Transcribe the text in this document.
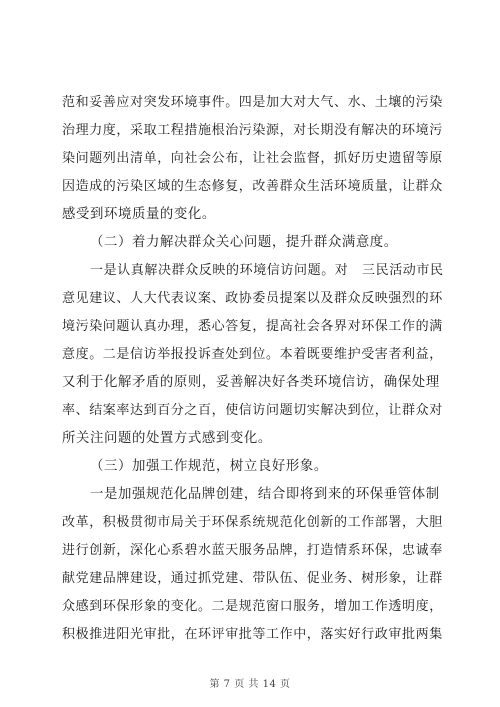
范和妥善应对突发环境事件。四是加大对大气、水、土壤的污染
治理力度，采取工程措施根治污染源，对长期没有解决的环境污
染问题列出清单，向社会公布，让社会监督，抓好历史遗留等原
因造成的污染区域的生态修复，改善群众生活环境质量，让群众
感受到环境质量的变化。
（二）着力解决群众关心问题，提升群众满意度。
一是认真解决群众反映的环境信访问题。对　三民活动市民
意见建议、人大代表议案、政协委员提案以及群众反映强烈的环
境污染问题认真办理，悉心答复，提高社会各界对环保工作的满
意度。二是信访举报投诉查处到位。本着既要维护受害者利益，
又利于化解矛盾的原则，妥善解决好各类环境信访，确保处理
率、结案率达到百分之百，使信访问题切实解决到位，让群众对
所关注问题的处置方式感到变化。
（三）加强工作规范，树立良好形象。
一是加强规范化品牌创建，结合即将到来的环保垂管体制
改革，积极贯彻市局关于环保系统规范化创新的工作部署，大胆
进行创新，深化心系碧水蓝天服务品牌，打造情系环保，忠诚奉
献党建品牌建设，通过抓党建、带队伍、促业务、树形象，让群
众感到环保形象的变化。二是规范窗口服务，增加工作透明度，
积极推进阳光审批，在环评审批等工作中，落实好行政审批两集
第 7 页 共 14 页
